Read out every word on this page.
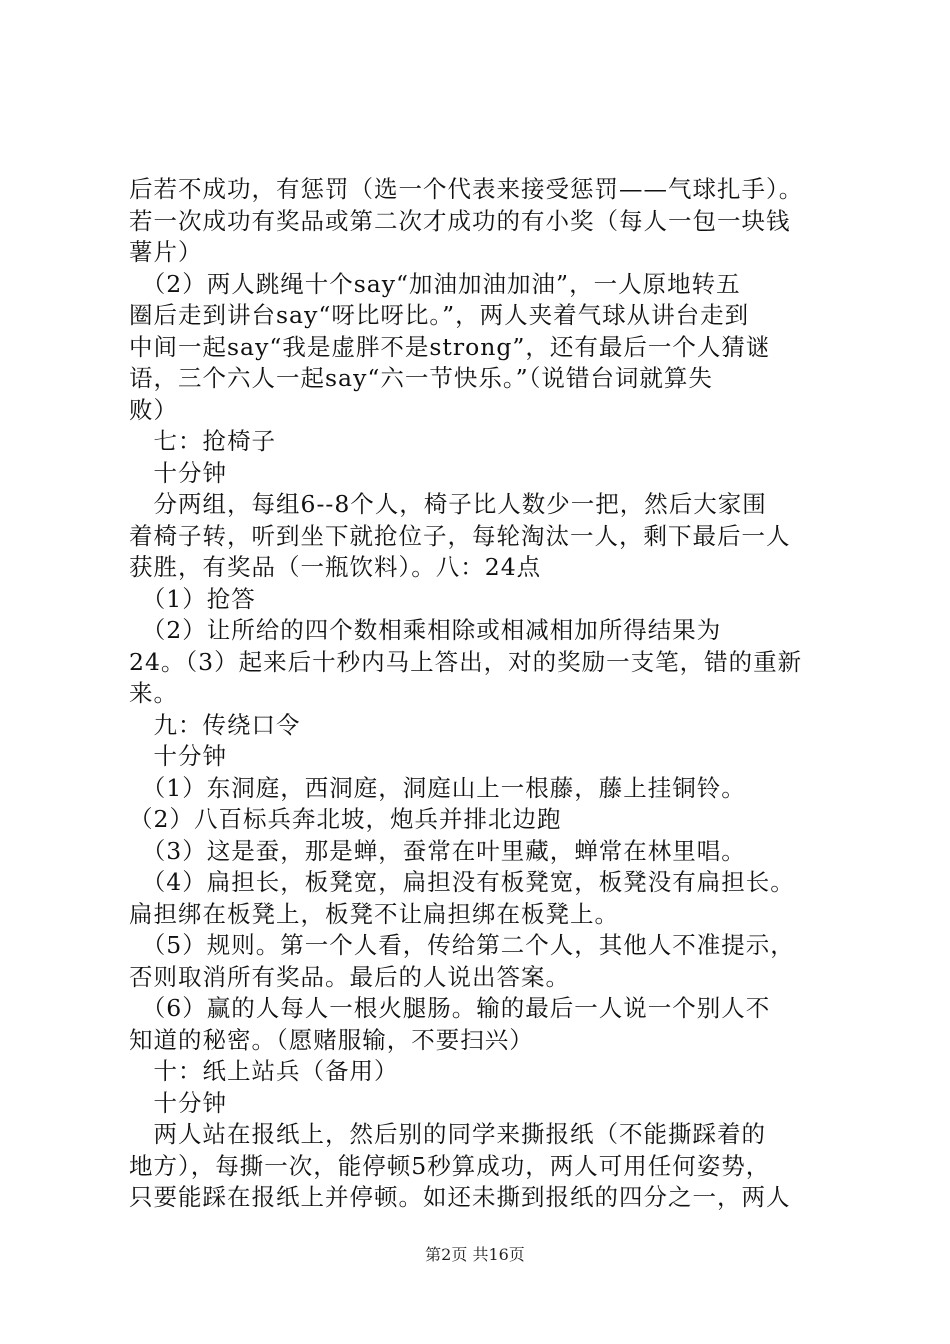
后若不成功，有惩罚（选一个代表来接受惩罚——气球扎手）。
若一次成功有奖品或第二次才成功的有小奖（每人一包一块钱
薯片）
　（2）两人跳绳十个say“加油加油加油”，一人原地转五
圈后走到讲台say“呀比呀比。”，两人夹着气球从讲台走到
中间一起say“我是虚胖不是strong”，还有最后一个人猜谜
语，三个六人一起say“六一节快乐。”（说错台词就算失
败）
　七：抢椅子
　十分钟
　分两组，每组6--8个人，椅子比人数少一把，然后大家围
着椅子转，听到坐下就抢位子，每轮淘汰一人，剩下最后一人
获胜，有奖品（一瓶饮料）。八：24点
　（1）抢答
　（2）让所给的四个数相乘相除或相减相加所得结果为
24。（3）起来后十秒内马上答出，对的奖励一支笔，错的重新
来。
　九：传绕口令
　十分钟
　（1）东洞庭，西洞庭，洞庭山上一根藤，藤上挂铜铃。
（2）八百标兵奔北坡，炮兵并排北边跑
　（3）这是蚕，那是蝉，蚕常在叶里藏，蝉常在林里唱。
　（4）扁担长，板凳宽，扁担没有板凳宽，板凳没有扁担长。
扁担绑在板凳上，板凳不让扁担绑在板凳上。
　（5）规则。第一个人看，传给第二个人，其他人不准提示，
否则取消所有奖品。最后的人说出答案。
　（6）赢的人每人一根火腿肠。输的最后一人说一个别人不
知道的秘密。（愿赌服输，不要扫兴）
　十：纸上站兵（备用）
　十分钟
　两人站在报纸上，然后别的同学来撕报纸（不能撕踩着的
地方），每撕一次，能停顿5秒算成功，两人可用任何姿势，
只要能踩在报纸上并停顿。如还未撕到报纸的四分之一，两人
第2页 共16页
